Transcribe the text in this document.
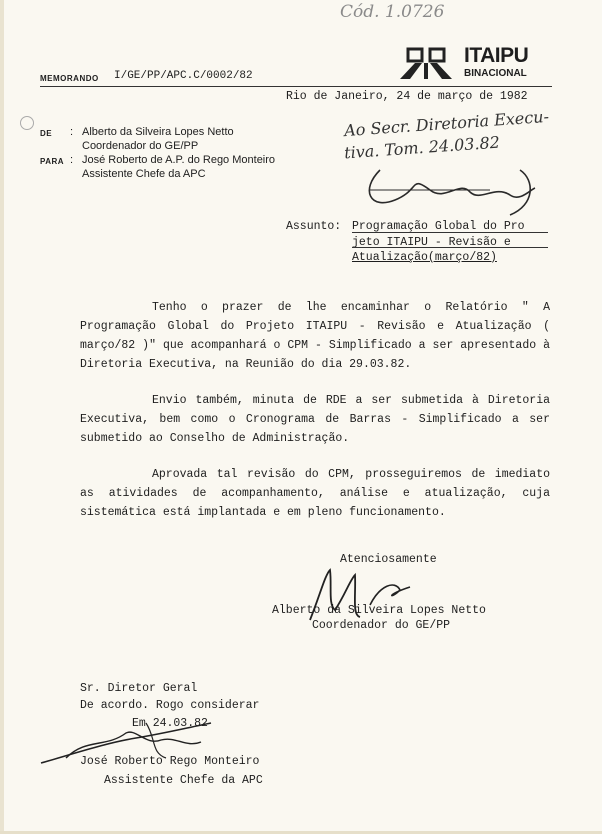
Cód. 1.0726
ITAIPU
BINACIONAL
MEMORANDO I/GE/PP/APC.C/0002/82
Rio de Janeiro, 24 de março de 1982
DE : Alberto da Silveira Lopes Netto
Coordenador do GE/PP
PARA : José Roberto de A.P. do Rego Monteiro
Assistente Chefe da APC
Ao Secr. Diretoria Execu-
tiva. Tom. 24.03.82
Assunto: Programação Global do Pro
jeto ITAIPU - Revisão e
Atualização(março/82)

Tenho o prazer de lhe encaminhar o Relatório " A Programação Global do Projeto ITAIPU - Revisão e Atualização ( março/82 )" que acompanhará o CPM - Simplificado a ser apresentado à Diretoria Executiva, na Reunião do dia 29.03.82.

Envio também, minuta de RDE a ser submetida à Diretoria Executiva, bem como o Cronograma de Barras - Simplificado a ser submetido ao Conselho de Administração.

Aprovada tal revisão do CPM, prosseguiremos de imediato as atividades de acompanhamento, análise e atualização, cuja sistemática está implantada e em pleno funcionamento.

Atenciosamente
Alberto da Silveira Lopes Netto
Coordenador do GE/PP
Sr. Diretor Geral
De acordo. Rogo considerar
Em 24.03.82
José Roberto Rego Monteiro
Assistente Chefe da APC
